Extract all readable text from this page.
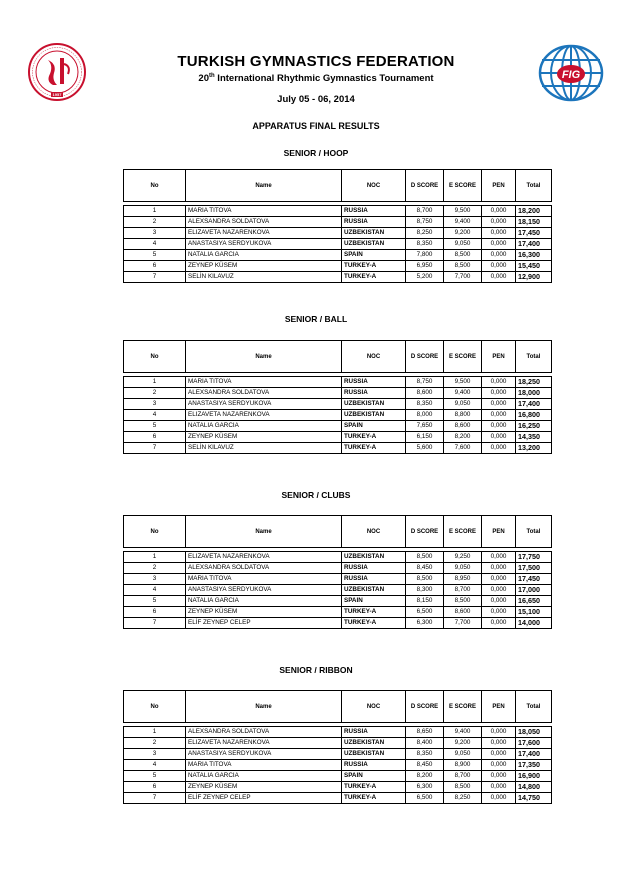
1957
FIG
TURKISH GYMNASTICS FEDERATION
20th International Rhythmic Gymnastics Tournament
July 05 - 06, 2014
APPARATUS FINAL RESULTS
SENIOR / HOOP
No	Name	NOC	D SCORE	E SCORE	PEN	Total

1	MARIA TITOVA	RUSSIA	8,700	9,500	0,000	18,200
2	ALEXSANDRA SOLDATOVA	RUSSIA	8,750	9,400	0,000	18,150
3	ELIZAVETA NAZARENKOVA	UZBEKISTAN	8,250	9,200	0,000	17,450
4	ANASTASIYA SERDYUKOVA	UZBEKISTAN	8,350	9,050	0,000	17,400
5	NATALIA GARCIA	SPAIN	7,800	8,500	0,000	16,300
6	ZEYNEP KÜSEM	TURKEY-A	6,950	8,500	0,000	15,450
7	SELİN KILAVUZ	TURKEY-A	5,200	7,700	0,000	12,900
SENIOR / BALL
No	Name	NOC	D SCORE	E SCORE	PEN	Total

1	MARIA TITOVA	RUSSIA	8,750	9,500	0,000	18,250
2	ALEXSANDRA SOLDATOVA	RUSSIA	8,600	9,400	0,000	18,000
3	ANASTASIYA SERDYUKOVA	UZBEKISTAN	8,350	9,050	0,000	17,400
4	ELIZAVETA NAZARENKOVA	UZBEKISTAN	8,000	8,800	0,000	16,800
5	NATALIA GARCIA	SPAIN	7,650	8,600	0,000	16,250
6	ZEYNEP KÜSEM	TURKEY-A	6,150	8,200	0,000	14,350
7	SELİN KILAVUZ	TURKEY-A	5,600	7,600	0,000	13,200
SENIOR / CLUBS
No	Name	NOC	D SCORE	E SCORE	PEN	Total

1	ELIZAVETA NAZARENKOVA	UZBEKISTAN	8,500	9,250	0,000	17,750
2	ALEXSANDRA SOLDATOVA	RUSSIA	8,450	9,050	0,000	17,500
3	MARIA TITOVA	RUSSIA	8,500	8,950	0,000	17,450
4	ANASTASIYA SERDYUKOVA	UZBEKISTAN	8,300	8,700	0,000	17,000
5	NATALIA GARCIA	SPAIN	8,150	8,500	0,000	16,650
6	ZEYNEP KÜSEM	TURKEY-A	6,500	8,600	0,000	15,100
7	ELİF ZEYNEP CELEP	TURKEY-A	6,300	7,700	0,000	14,000
SENIOR / RIBBON
No	Name	NOC	D SCORE	E SCORE	PEN	Total

1	ALEXSANDRA SOLDATOVA	RUSSIA	8,650	9,400	0,000	18,050
2	ELIZAVETA NAZARENKOVA	UZBEKISTAN	8,400	9,200	0,000	17,600
3	ANASTASIYA SERDYUKOVA	UZBEKISTAN	8,350	9,050	0,000	17,400
4	MARIA TITOVA	RUSSIA	8,450	8,900	0,000	17,350
5	NATALIA GARCIA	SPAIN	8,200	8,700	0,000	16,900
6	ZEYNEP KÜSEM	TURKEY-A	6,300	8,500	0,000	14,800
7	ELİF ZEYNEP CELEP	TURKEY-A	6,500	8,250	0,000	14,750
